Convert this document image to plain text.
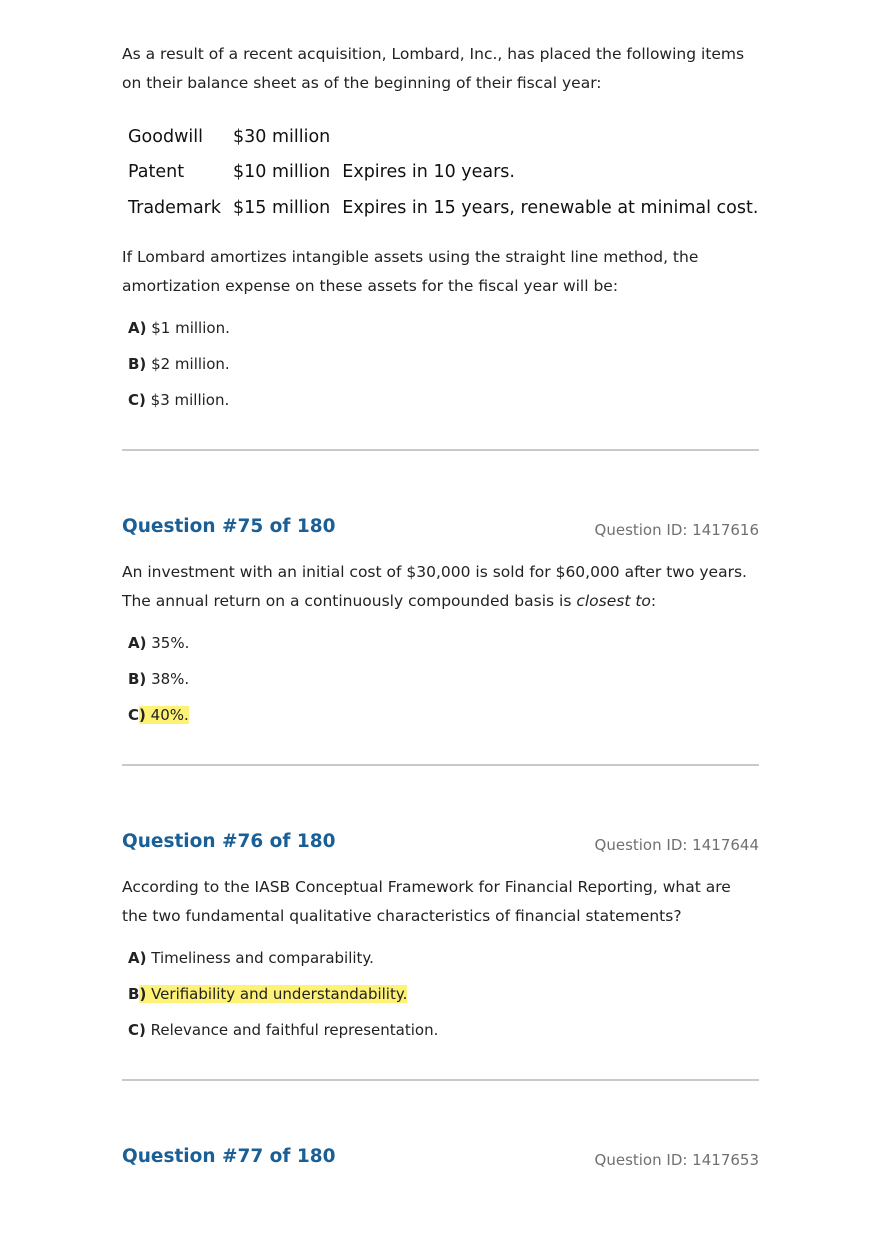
As a result of a recent acquisition, Lombard, Inc., has placed the following items on their balance sheet as of the beginning of their fiscal year:

Goodwill	$30 million	
Patent	$10 million	Expires in 10 years.
Trademark	$15 million	Expires in 15 years, renewable at minimal cost.

If Lombard amortizes intangible assets using the straight line method, the amortization expense on these assets for the fiscal year will be:

A) $1 million.
B) $2 million.
C) $3 million.
Question #75 of 180	Question ID: 1417616

An investment with an initial cost of $30,000 is sold for $60,000 after two years. The annual return on a continuously compounded basis is closest to:

A) 35%.
B) 38%.
C) 40%.
Question #76 of 180	Question ID: 1417644

According to the IASB Conceptual Framework for Financial Reporting, what are the two fundamental qualitative characteristics of financial statements?

A) Timeliness and comparability.
B) Verifiability and understandability.
C) Relevance and faithful representation.
Question #77 of 180	Question ID: 1417653
